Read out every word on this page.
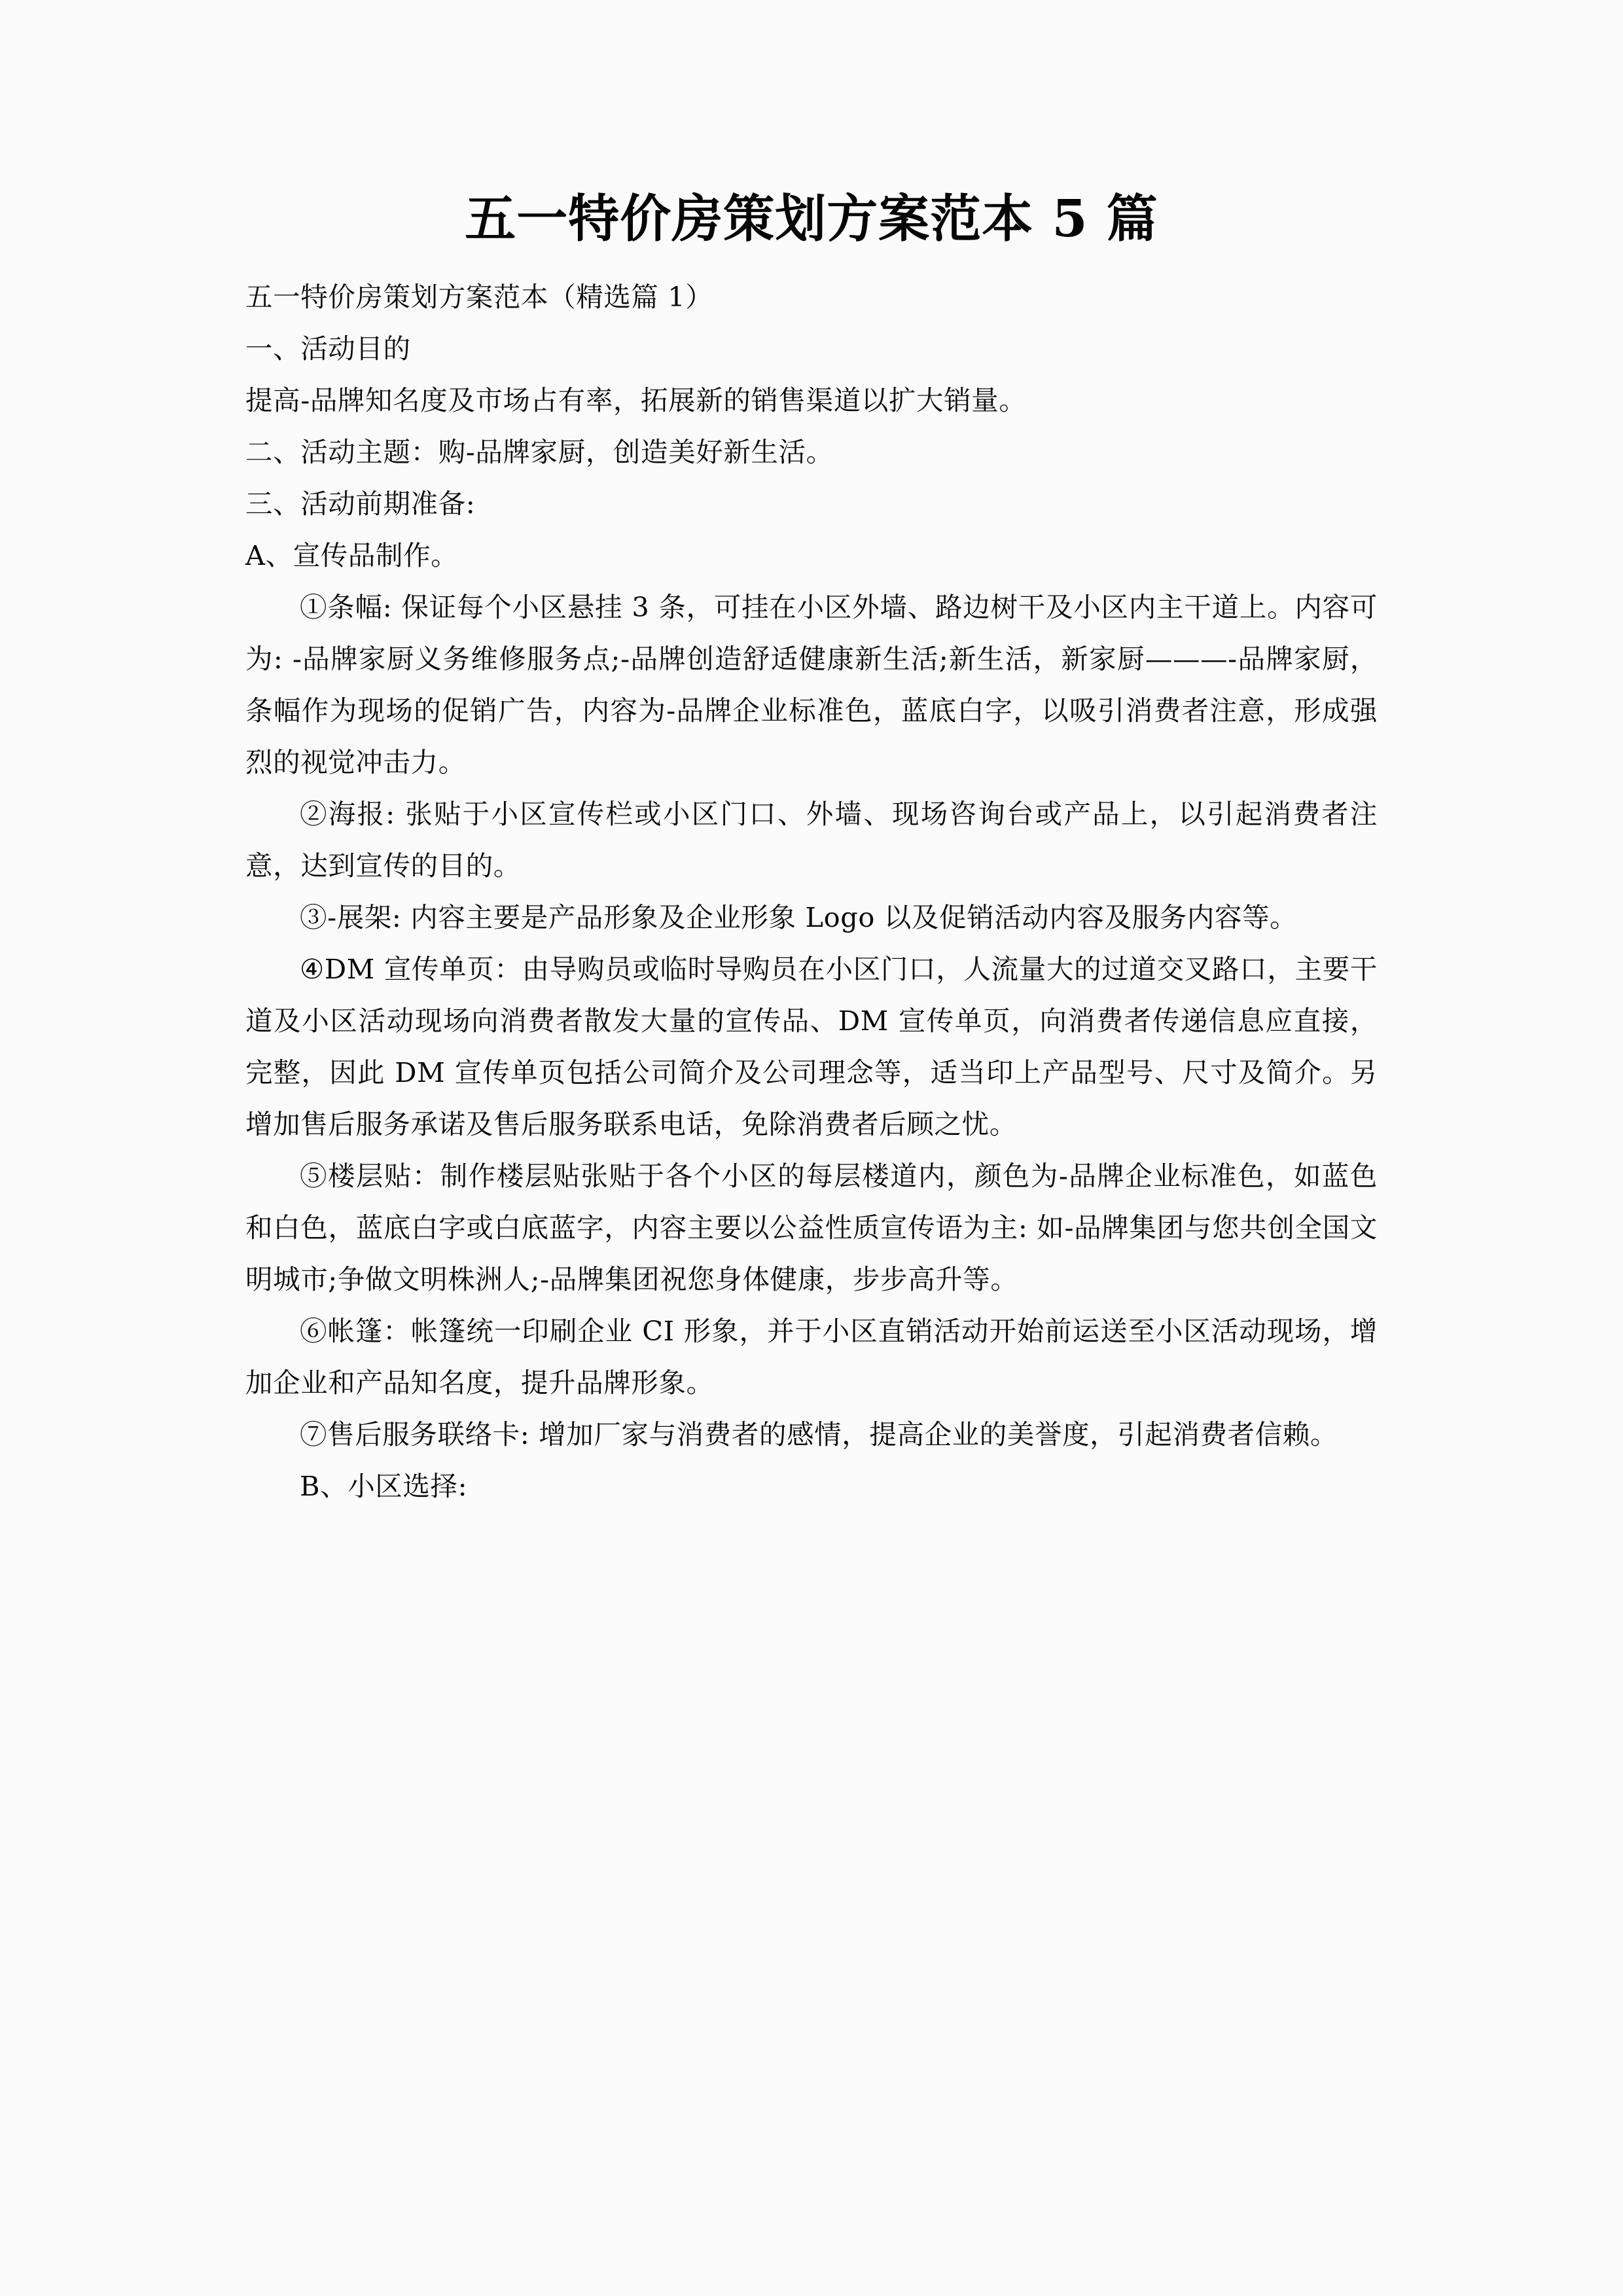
五一特价房策划方案范本 5 篇

五一特价房策划方案范本（精选篇 1）

一、活动目的

提高-品牌知名度及市场占有率，拓展新的销售渠道以扩大销量。

二、活动主题：购-品牌家厨，创造美好新生活。

三、活动前期准备:

A、宣传品制作。

①条幅: 保证每个小区悬挂 3 条，可挂在小区外墙、路边树干及小区内主干道上。内容可为: -品牌家厨义务维修服务点;-品牌创造舒适健康新生活;新生活，新家厨———-品牌家厨，条幅作为现场的促销广告，内容为-品牌企业标准色，蓝底白字，以吸引消费者注意，形成强烈的视觉冲击力。

②海报: 张贴于小区宣传栏或小区门口、外墙、现场咨询台或产品上，以引起消费者注意，达到宣传的目的。

③-展架: 内容主要是产品形象及企业形象 Logo 以及促销活动内容及服务内容等。

④DM 宣传单页：由导购员或临时导购员在小区门口，人流量大的过道交叉路口，主要干道及小区活动现场向消费者散发大量的宣传品、DM 宣传单页，向消费者传递信息应直接，完整，因此 DM 宣传单页包括公司简介及公司理念等，适当印上产品型号、尺寸及简介。另增加售后服务承诺及售后服务联系电话，免除消费者后顾之忧。

⑤楼层贴：制作楼层贴张贴于各个小区的每层楼道内，颜色为-品牌企业标准色，如蓝色和白色，蓝底白字或白底蓝字，内容主要以公益性质宣传语为主: 如-品牌集团与您共创全国文明城市;争做文明株洲人;-品牌集团祝您身体健康，步步高升等。

⑥帐篷：帐篷统一印刷企业 CI 形象，并于小区直销活动开始前运送至小区活动现场，增加企业和产品知名度，提升品牌形象。

⑦售后服务联络卡: 增加厂家与消费者的感情，提高企业的美誉度，引起消费者信赖。

B、小区选择:
